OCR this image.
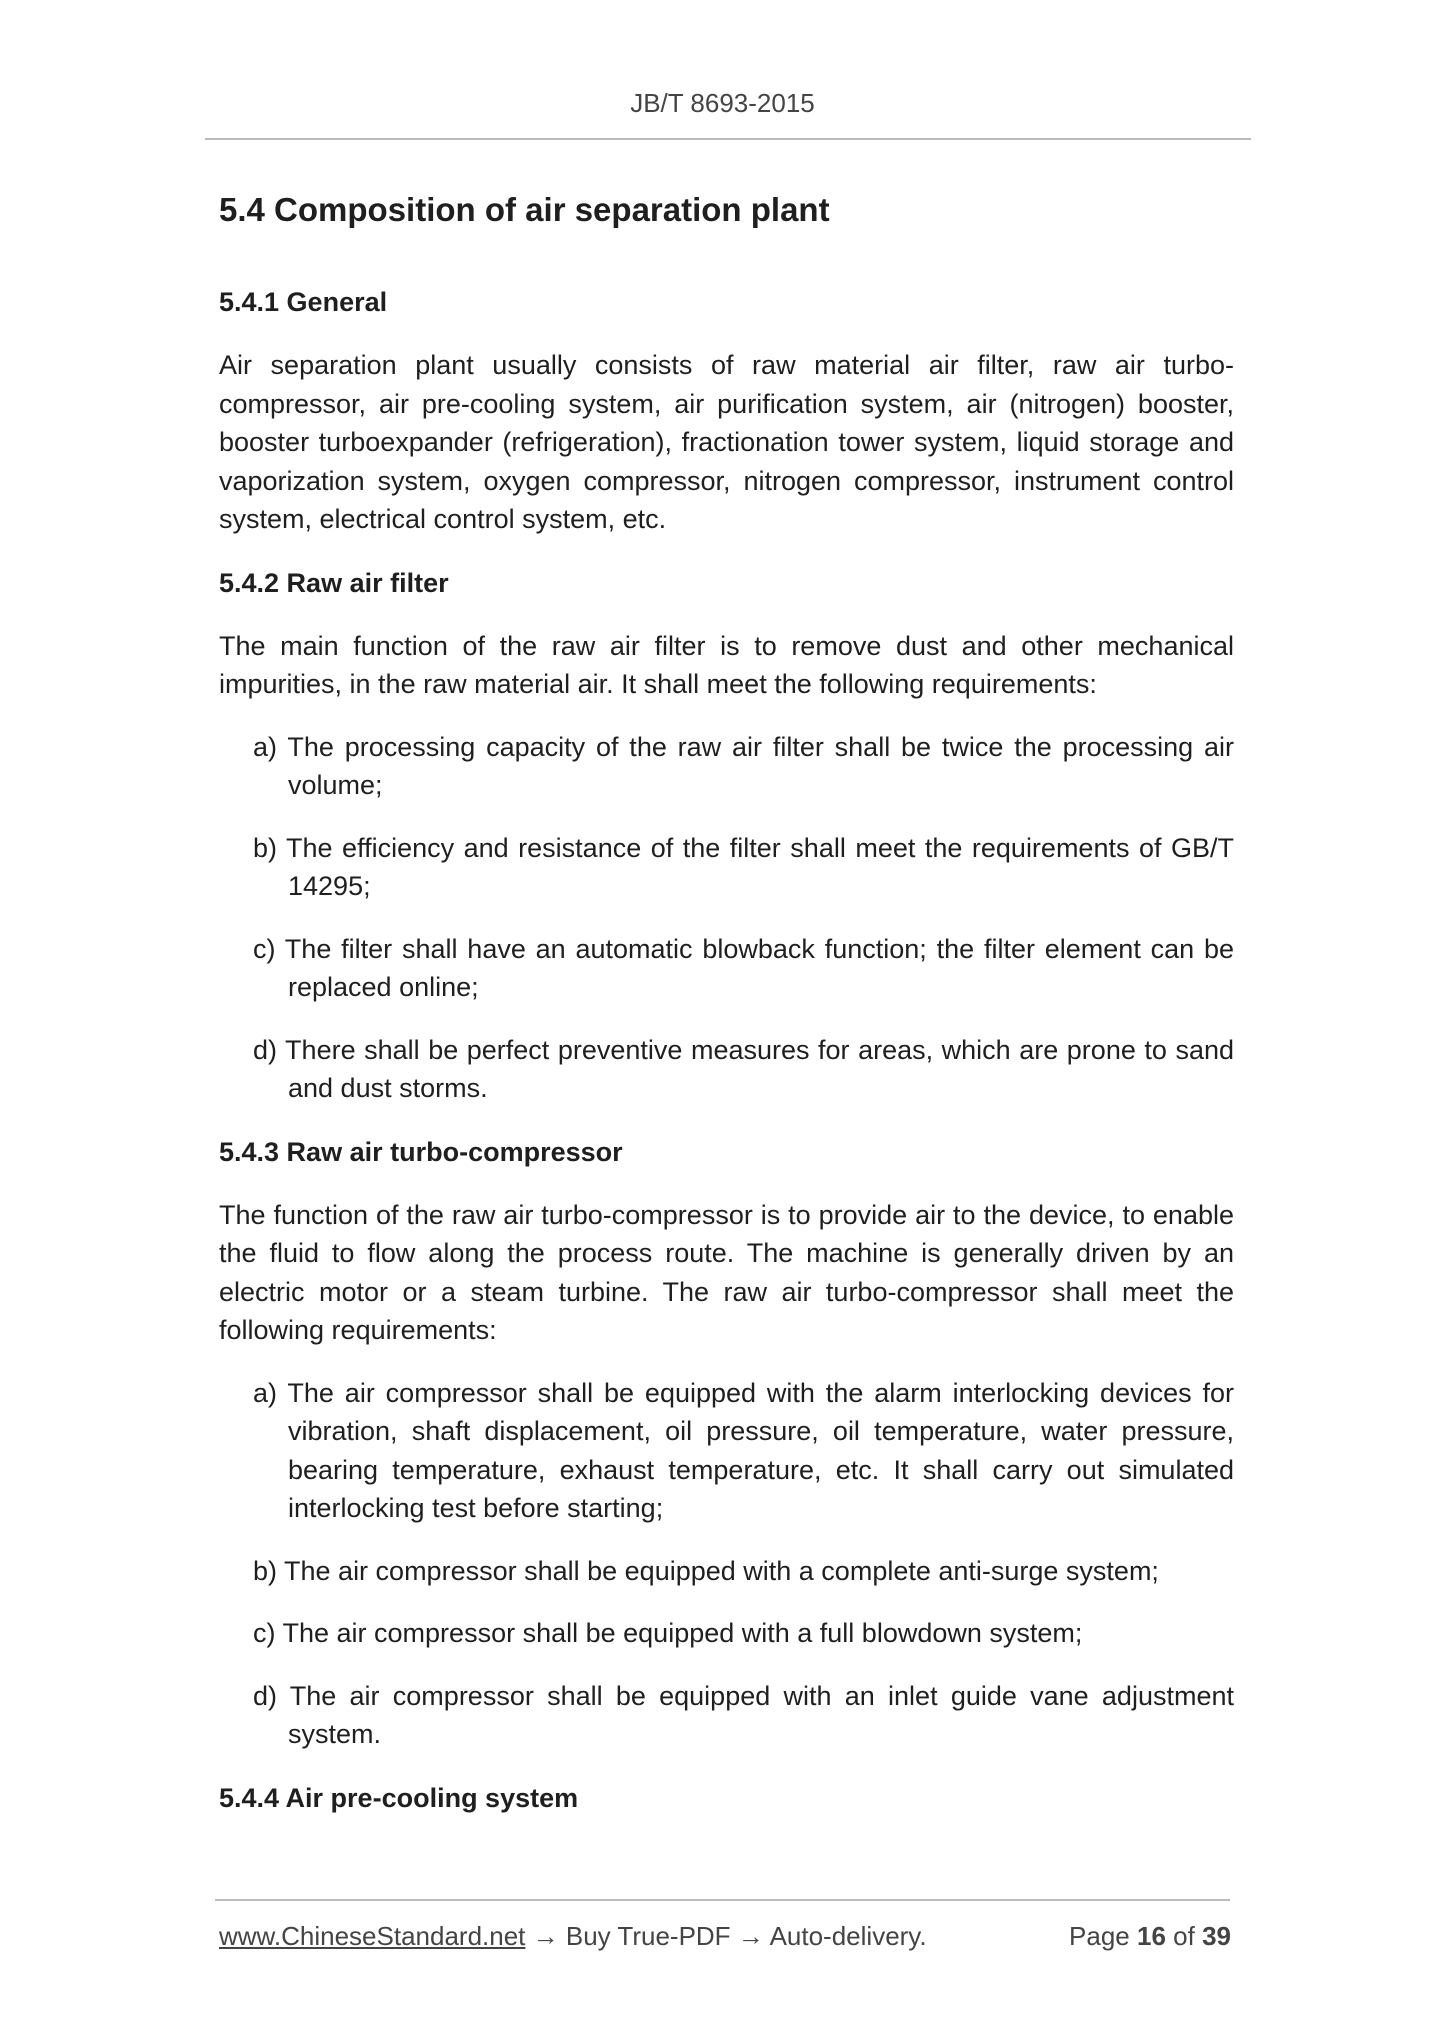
JB/T 8693-2015
5.4 Composition of air separation plant
5.4.1 General

Air separation plant usually consists of raw material air filter, raw air turbo-compressor, air pre-cooling system, air purification system, air (nitrogen) booster, booster turboexpander (refrigeration), fractionation tower system, liquid storage and vaporization system, oxygen compressor, nitrogen compressor, instrument control system, electrical control system, etc.

5.4.2 Raw air filter

The main function of the raw air filter is to remove dust and other mechanical impurities, in the raw material air. It shall meet the following requirements:

a) The processing capacity of the raw air filter shall be twice the processing air volume;
b) The efficiency and resistance of the filter shall meet the requirements of GB/T 14295;
c) The filter shall have an automatic blowback function; the filter element can be replaced online;
d) There shall be perfect preventive measures for areas, which are prone to sand and dust storms.
5.4.3 Raw air turbo-compressor

The function of the raw air turbo-compressor is to provide air to the device, to enable the fluid to flow along the process route. The machine is generally driven by an electric motor or a steam turbine. The raw air turbo-compressor shall meet the following requirements:

a) The air compressor shall be equipped with the alarm interlocking devices for vibration, shaft displacement, oil pressure, oil temperature, water pressure, bearing temperature, exhaust temperature, etc. It shall carry out simulated interlocking test before starting;
b) The air compressor shall be equipped with a complete anti-surge system;
c) The air compressor shall be equipped with a full blowdown system;
d) The air compressor shall be equipped with an inlet guide vane adjustment system.
5.4.4 Air pre-cooling system
www.ChineseStandard.net → Buy True-PDF → Auto-delivery.	Page 16 of 39
